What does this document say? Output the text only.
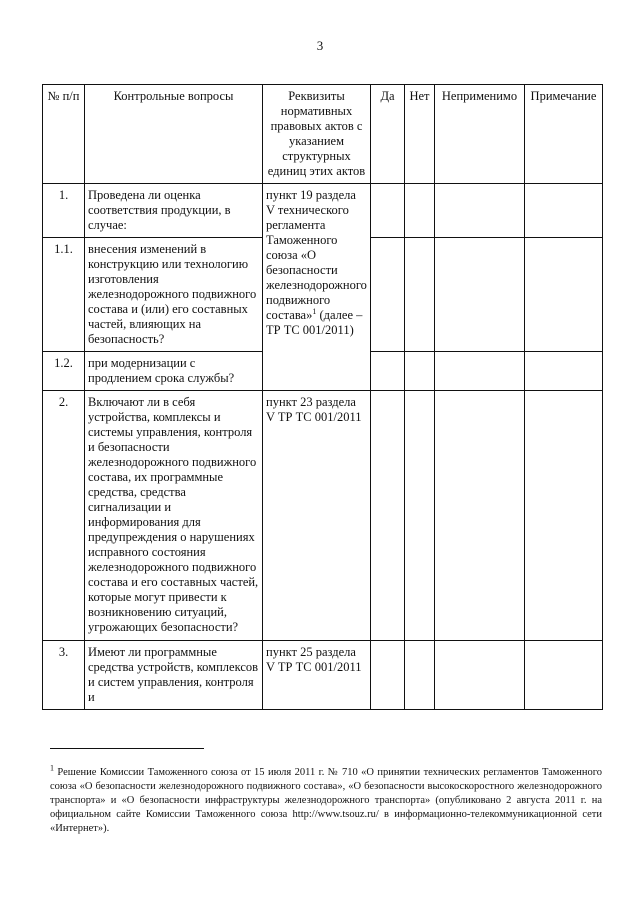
3
№ п/п	Контрольные вопросы	Реквизиты нормативных правовых актов с указанием структурных единиц этих актов	Да	Нет	Неприменимо	Примечание
1.	Проведена ли оценка соответствия продукции, в случае:	пункт 19 раздела V технического регламента Таможенного союза «О безопасности железнодорожного подвижного состава»$^1$ (далее – ТР ТС 001/2011)				
1.1.	внесения изменений в конструкцию или технологию изготовления железнодорожного подвижного состава и (или) его составных частей, влияющих на безопасность?					
1.2.	при модернизации с продлением срока службы?					
2.	Включают ли в себя устройства, комплексы и системы управления, контроля и безопасности железнодорожного подвижного состава, их программные средства, средства сигнализации и информирования для предупреждения о нарушениях исправного состояния железнодорожного подвижного состава и его составных частей, которые могут привести к возникновению ситуаций, угрожающих безопасности?	пункт 23 раздела V ТР ТС 001/2011				
3.	Имеют ли программные средства устройств, комплексов и систем управления, контроля и	пункт 25 раздела V ТР ТС 001/2011				
$^1$ Решение Комиссии Таможенного союза от 15 июля 2011 г. № 710 «О принятии технических регламентов Таможенного союза «О безопасности железнодорожного подвижного состава», «О безопасности высокоскоростного железнодорожного транспорта» и «О безопасности инфраструктуры железнодорожного транспорта» (опубликовано 2 августа 2011 г. на официальном сайте Комиссии Таможенного союза http://www.tsouz.ru/ в информационно-телекоммуникационной сети «Интернет»).
